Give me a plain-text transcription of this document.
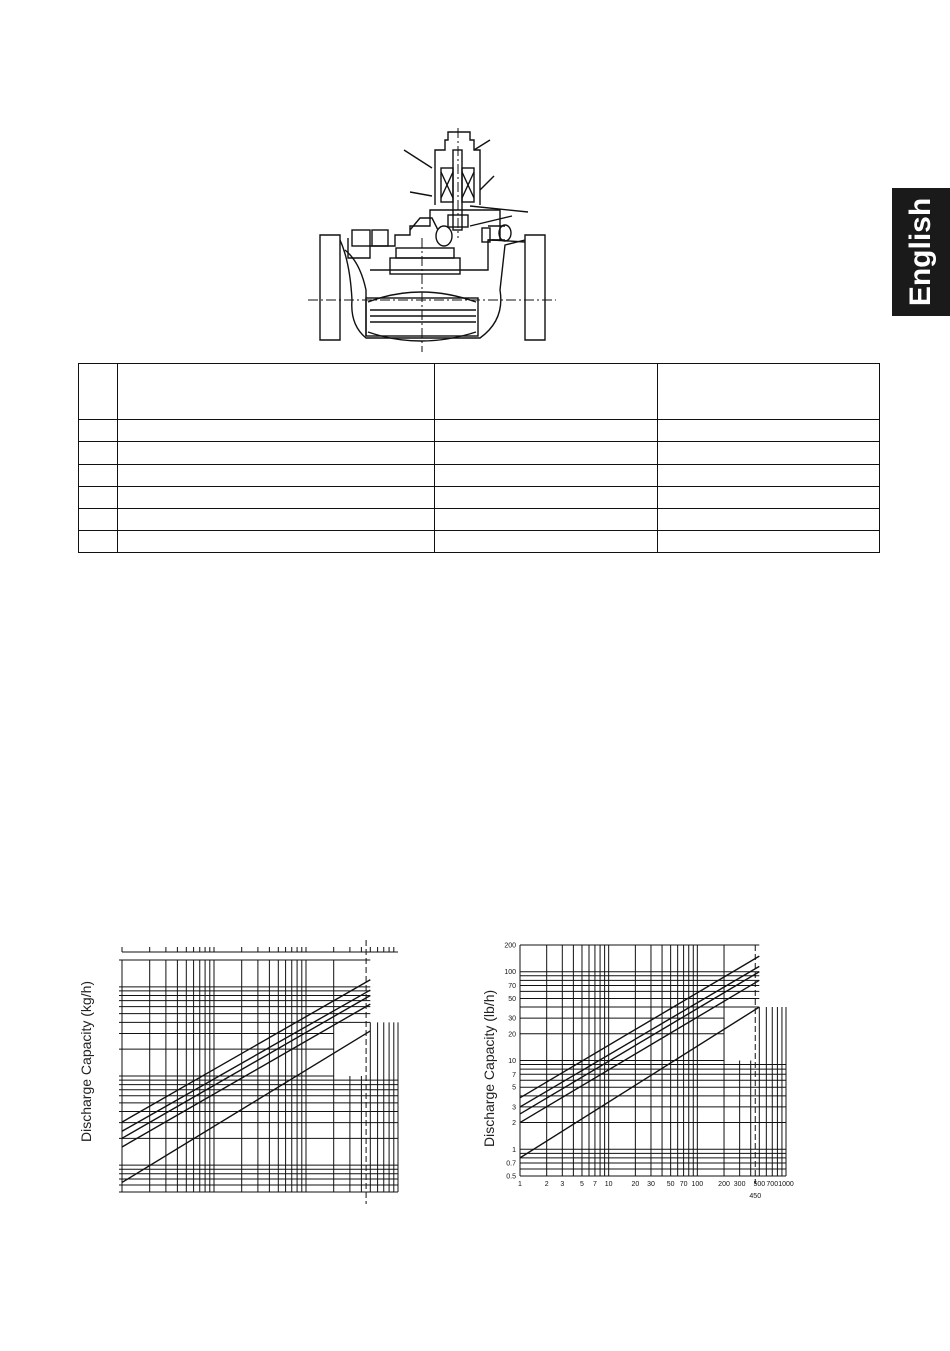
English

Discharge Capacity (kg/h)	Discharge Capacity (lb/h)
1	2 3 5 7 10	20 30 50 70 100 200 300 500 700 1000
450
0.5
0.7
1
2
3
5
7
10
20
30
50
70
100
200
